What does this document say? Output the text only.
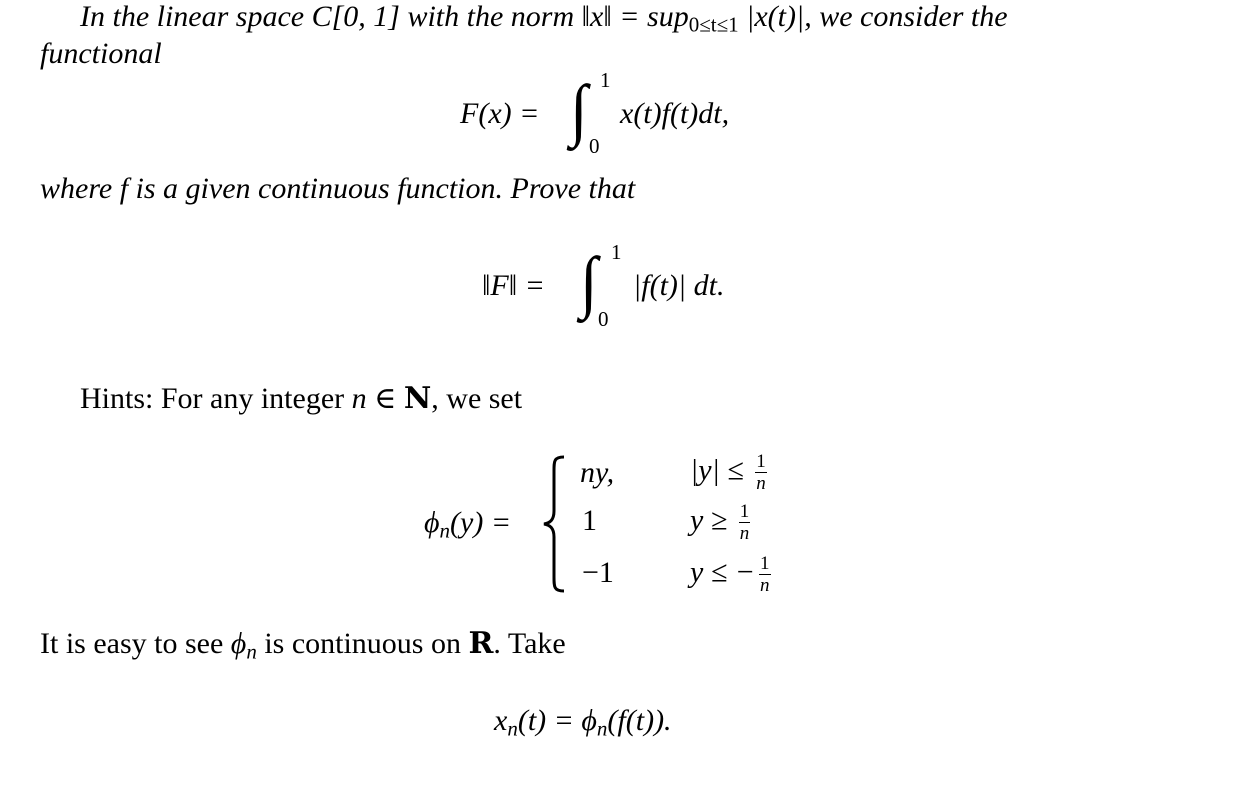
In the linear space C[0, 1] with the norm ‖x‖ = sup$_{0\le t\le 1}$ |x(t)|, we consider the
functional
F(x) = ∫ 1
0
x(t)f(t)dt,
where f is a given continuous function. Prove that
‖F‖ = ∫ 1
0
|f(t)| dt.
Hints: For any integer n ∈ N, we set
$\phi_n(y)$ =
ny,	$|y| \le \frac{1}{n}$
1	$y \ge \frac{1}{n}$
−1	y ≤ − $\frac{1}{n}$
It is easy to see $\phi_n$ is continuous on R. Take
$x_n(t) = \phi_n(f(t))$.
